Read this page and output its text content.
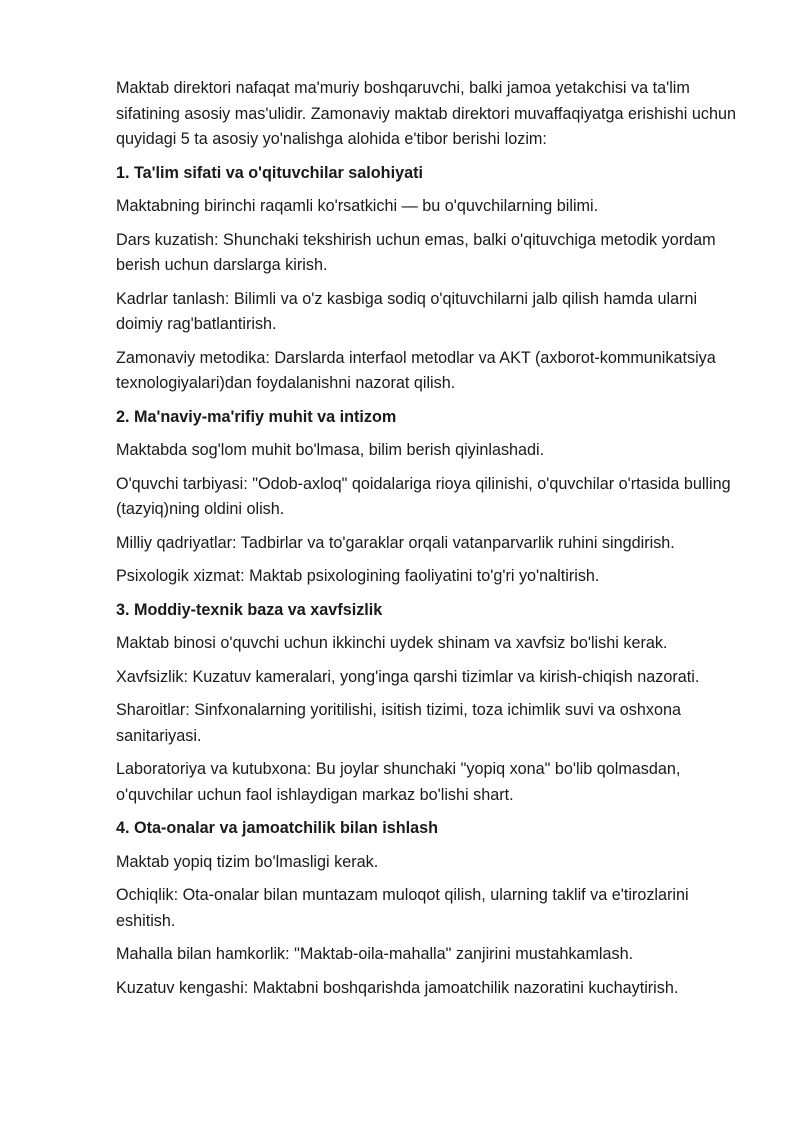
Maktab direktori nafaqat ma'muriy boshqaruvchi, balki jamoa yetakchisi va ta'lim sifatining asosiy mas'ulidir. Zamonaviy maktab direktori muvaffaqiyatga erishishi uchun quyidagi 5 ta asosiy yo'nalishga alohida e'tibor berishi lozim:

1. Ta'lim sifati va o'qituvchilar salohiyati

Maktabning birinchi raqamli ko'rsatkichi — bu o'quvchilarning bilimi.

Dars kuzatish: Shunchaki tekshirish uchun emas, balki o'qituvchiga metodik yordam berish uchun darslarga kirish.

Kadrlar tanlash: Bilimli va o'z kasbiga sodiq o'qituvchilarni jalb qilish hamda ularni doimiy rag'batlantirish.

Zamonaviy metodika: Darslarda interfaol metodlar va AKT (axborot-kommunikatsiya texnologiyalari)dan foydalanishni nazorat qilish.

2. Ma'naviy-ma'rifiy muhit va intizom

Maktabda sog'lom muhit bo'lmasa, bilim berish qiyinlashadi.

O'quvchi tarbiyasi: "Odob-axloq" qoidalariga rioya qilinishi, o'quvchilar o'rtasida bulling (tazyiq)ning oldini olish.

Milliy qadriyatlar: Tadbirlar va to'garaklar orqali vatanparvarlik ruhini singdirish.

Psixologik xizmat: Maktab psixologining faoliyatini to'g'ri yo'naltirish.

3. Moddiy-texnik baza va xavfsizlik

Maktab binosi o'quvchi uchun ikkinchi uydek shinam va xavfsiz bo'lishi kerak.

Xavfsizlik: Kuzatuv kameralari, yong'inga qarshi tizimlar va kirish-chiqish nazorati.

Sharoitlar: Sinfxonalarning yoritilishi, isitish tizimi, toza ichimlik suvi va oshxona sanitariyasi.

Laboratoriya va kutubxona: Bu joylar shunchaki "yopiq xona" bo'lib qolmasdan, o'quvchilar uchun faol ishlaydigan markaz bo'lishi shart.

4. Ota-onalar va jamoatchilik bilan ishlash

Maktab yopiq tizim bo'lmasligi kerak.

Ochiqlik: Ota-onalar bilan muntazam muloqot qilish, ularning taklif va e'tirozlarini eshitish.

Mahalla bilan hamkorlik: "Maktab-oila-mahalla" zanjirini mustahkamlash.

Kuzatuv kengashi: Maktabni boshqarishda jamoatchilik nazoratini kuchaytirish.
